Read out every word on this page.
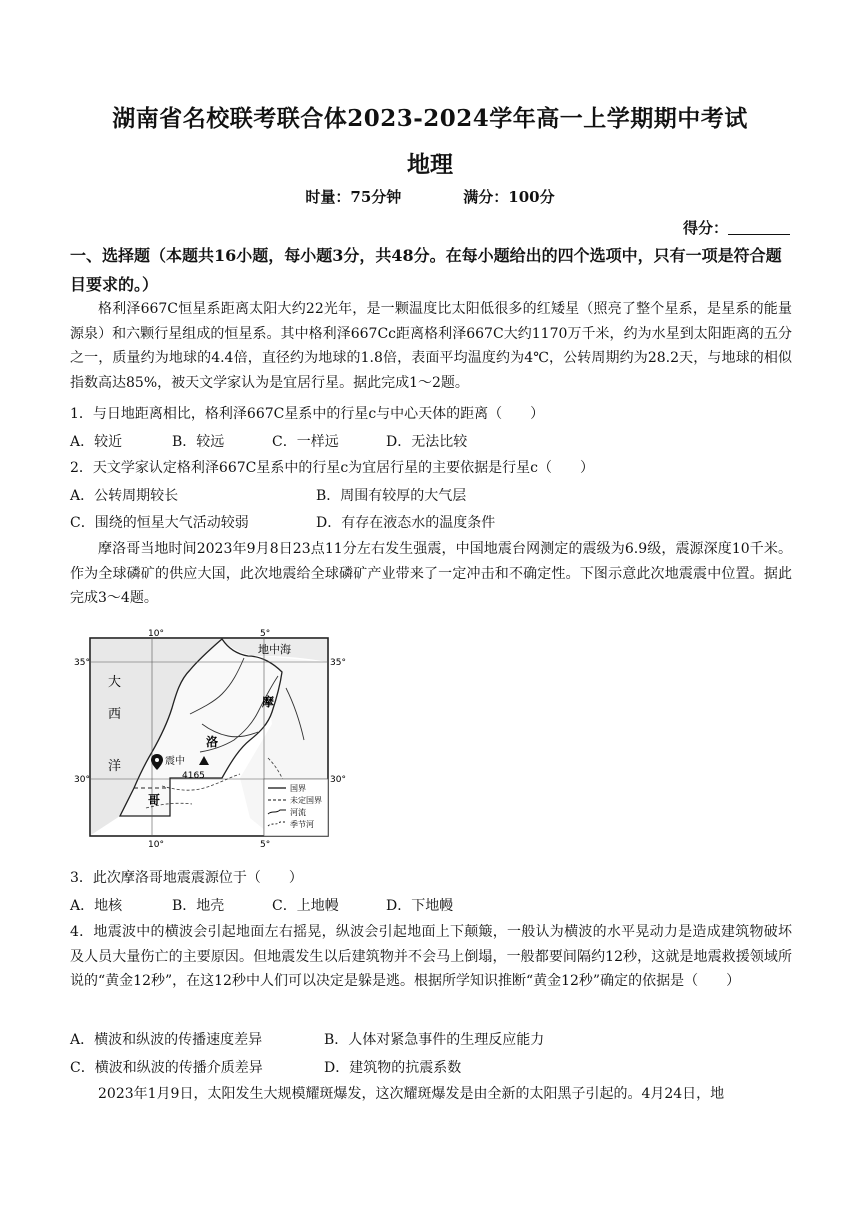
湖南省名校联考联合体2023-2024学年高一上学期期中考试
地理
时量：75分钟	满分：100分
得分：
一、选择题（本题共16小题，每小题3分，共48分。在每小题给出的四个选项中，只有一项是符合题目要求的。）
格利泽667C恒星系距离太阳大约22光年，是一颗温度比太阳低很多的红矮星（照亮了整个星系，是星系的能量源泉）和六颗行星组成的恒星系。其中格利泽667Cc距离格利泽667C大约1170万千米，约为水星到太阳距离的五分之一，质量约为地球的4.4倍，直径约为地球的1.8倍，表面平均温度约为4℃，公转周期约为28.2天，与地球的相似指数高达85%，被天文学家认为是宜居行星。据此完成1～2题。
1．与日地距离相比，格利泽667C星系中的行星c与中心天体的距离（　　）
A．较近	B．较远	C．一样远	D．无法比较
2．天文学家认定格利泽667C星系中的行星c为宜居行星的主要依据是行星c（　　）
A．公转周期较长	B．周围有较厚的大气层
C．围绕的恒星大气活动较弱	D．有存在液态水的温度条件
摩洛哥当地时间2023年9月8日23点11分左右发生强震，中国地震台网测定的震级为6.9级，震源深度10千米。作为全球磷矿的供应大国，此次地震给全球磷矿产业带来了一定冲击和不确定性。下图示意此次地震震中位置。据此完成3～4题。
10°	5°
10°	5°
35°	35°
30°	30°
地中海
大
西
洋
摩
洛
哥
震中
4165
国界
未定国界
河流
季节河
3．此次摩洛哥地震震源位于（　　）
A．地核	B．地壳	C．上地幔	D．下地幔
4．地震波中的横波会引起地面左右摇晃，纵波会引起地面上下颠簸，一般认为横波的水平晃动力是造成建筑物破坏及人员大量伤亡的主要原因。但地震发生以后建筑物并不会马上倒塌，一般都要间隔约12秒，这就是地震救援领域所说的“黄金12秒”，在这12秒中人们可以决定是躲是逃。根据所学知识推断“黄金12秒”确定的依据是（　　）
A．横波和纵波的传播速度差异	B．人体对紧急事件的生理反应能力
C．横波和纵波的传播介质差异	D．建筑物的抗震系数
2023年1月9日，太阳发生大规模耀斑爆发，这次耀斑爆发是由全新的太阳黑子引起的。4月24日，地
